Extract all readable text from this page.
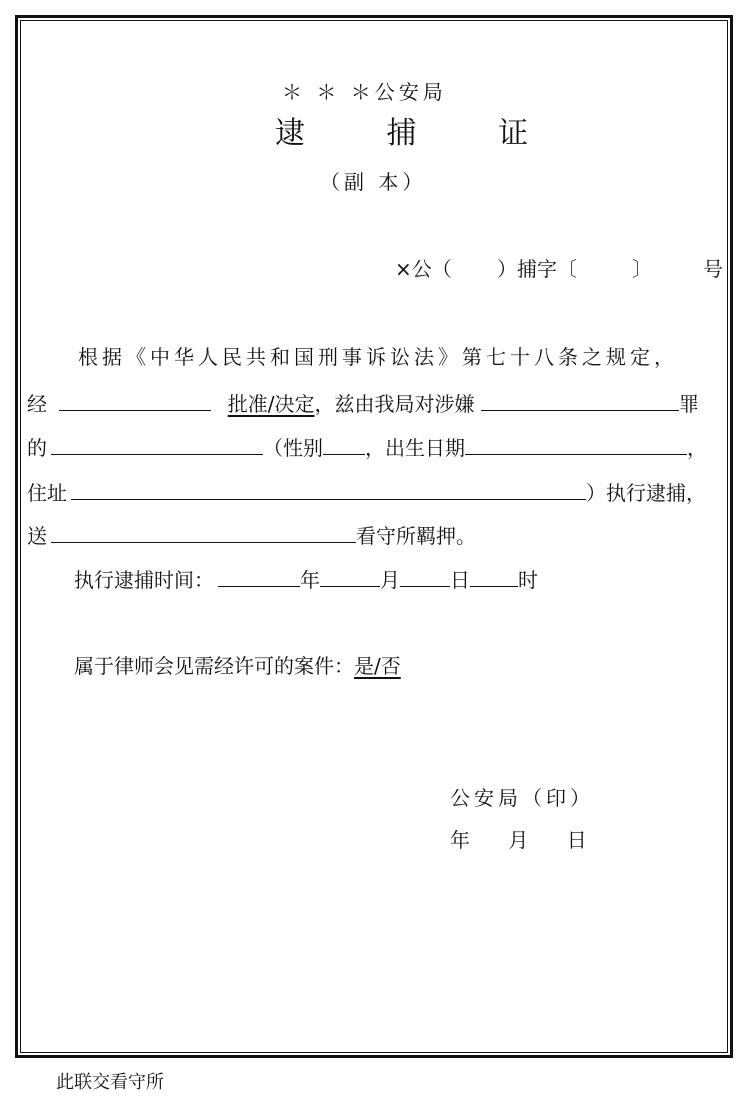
＊ ＊ ＊公安局
逮 捕 证
（副 本）
×公（ ）捕字〔	〕	号
根据《中华人民共和国刑事诉讼法》第七十八条之规定，
经	批准/决定，兹由我局对涉嫌	罪
的	（性别 ，出生日期	，
住址	）执行逮捕，
送	看守所羁押。
执行逮捕时间：	年	月	日 时
属于律师会见需经许可的案件：是/否
公安局（印）
年　 月　 日
此联交看守所
